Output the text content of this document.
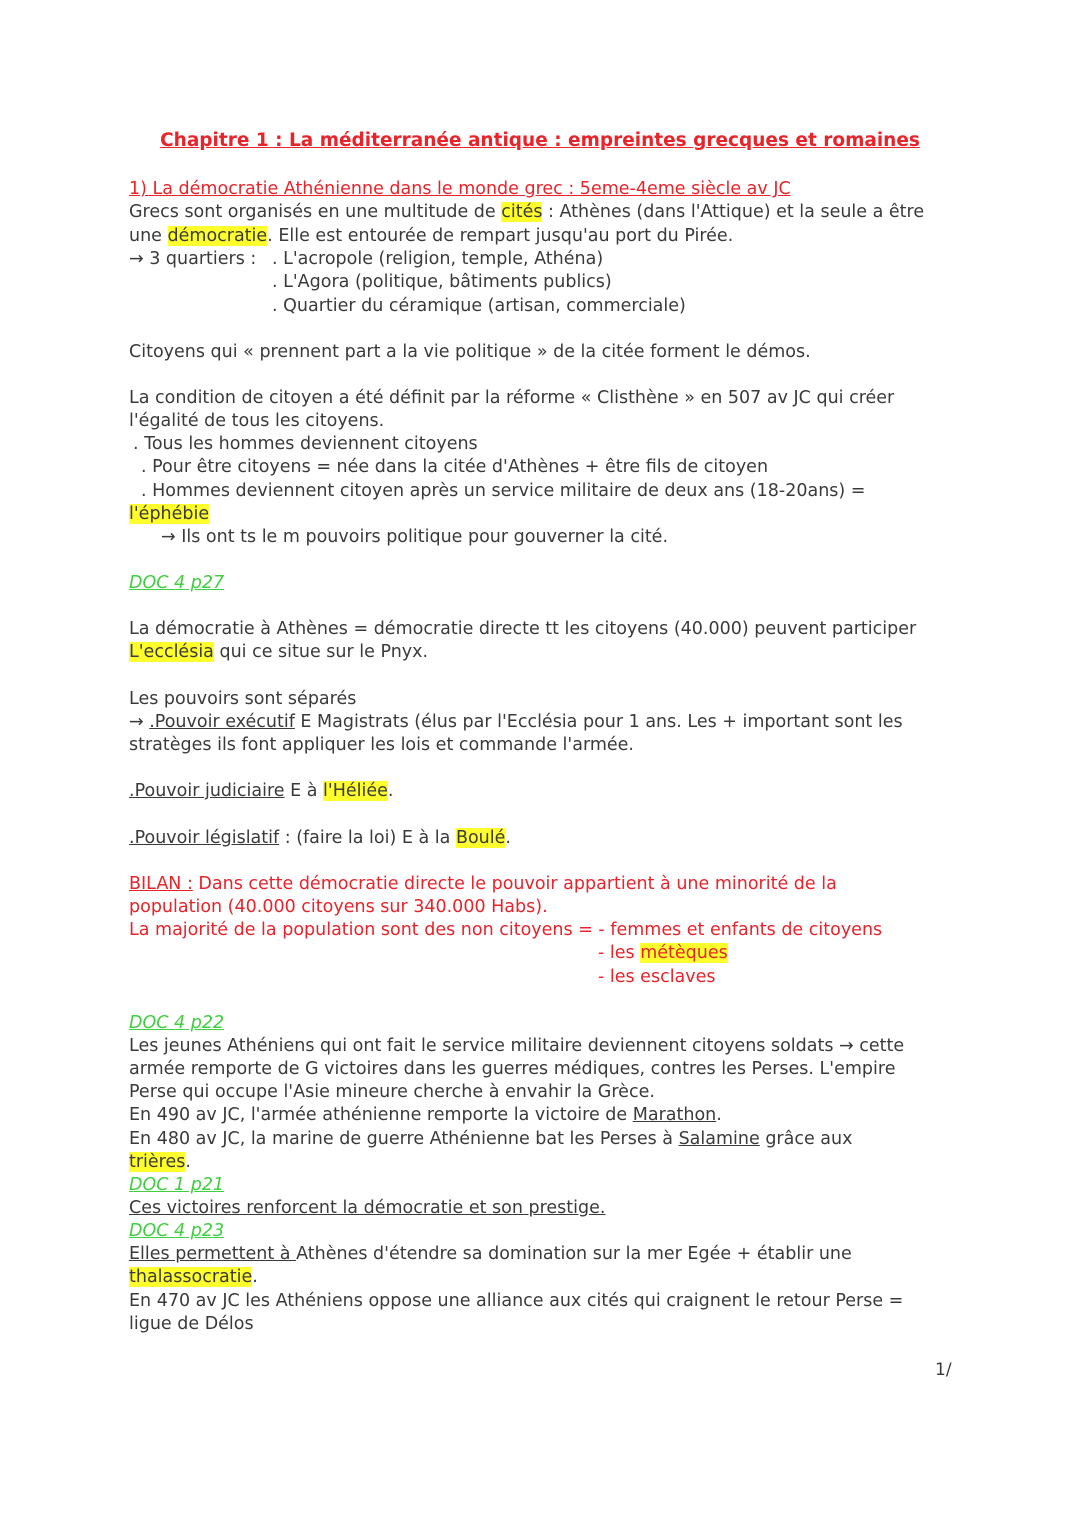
Chapitre 1 : La méditerranée antique : empreintes grecques et romaines
1) La démocratie Athénienne dans le monde grec : 5eme-4eme siècle av JC
Grecs sont organisés en une multitude de cités : Athènes (dans l'Attique) et la seule a être
une démocratie. Elle est entourée de rempart jusqu'au port du Pirée.
→ 3 quartiers : . L'acropole (religion, temple, Athéna)
. L'Agora (politique, bâtiments publics)
. Quartier du céramique (artisan, commerciale)
Citoyens qui « prennent part a la vie politique » de la citée forment le démos.
La condition de citoyen a été définit par la réforme « Clisthène » en 507 av JC qui créer
l'égalité de tous les citoyens.
. Tous les hommes deviennent citoyens
. Pour être citoyens = née dans la citée d'Athènes + être fils de citoyen
. Hommes deviennent citoyen après un service militaire de deux ans (18-20ans) =
l'éphébie
→ Ils ont ts le m pouvoirs politique pour gouverner la cité.
DOC 4 p27
La démocratie à Athènes = démocratie directe tt les citoyens (40.000) peuvent participer
L'ecclésia qui ce situe sur le Pnyx.
Les pouvoirs sont séparés
→ .Pouvoir exécutif E Magistrats (élus par l'Ecclésia pour 1 ans. Les + important sont les
stratèges ils font appliquer les lois et commande l'armée.
.Pouvoir judiciaire E à l'Héliée.
.Pouvoir législatif : (faire la loi) E à la Boulé.
BILAN : Dans cette démocratie directe le pouvoir appartient à une minorité de la
population (40.000 citoyens sur 340.000 Habs).
La majorité de la population sont des non citoyens = - femmes et enfants de citoyens
- les métèques
- les esclaves
DOC 4 p22
Les jeunes Athéniens qui ont fait le service militaire deviennent citoyens soldats → cette
armée remporte de G victoires dans les guerres médiques, contres les Perses. L'empire
Perse qui occupe l'Asie mineure cherche à envahir la Grèce.
En 490 av JC, l'armée athénienne remporte la victoire de Marathon.
En 480 av JC, la marine de guerre Athénienne bat les Perses à Salamine grâce aux
trières.
DOC 1 p21
Ces victoires renforcent la démocratie et son prestige.
DOC 4 p23
Elles permettent à Athènes d'étendre sa domination sur la mer Egée + établir une
thalassocratie.
En 470 av JC les Athéniens oppose une alliance aux cités qui craignent le retour Perse =
ligue de Délos
1/
